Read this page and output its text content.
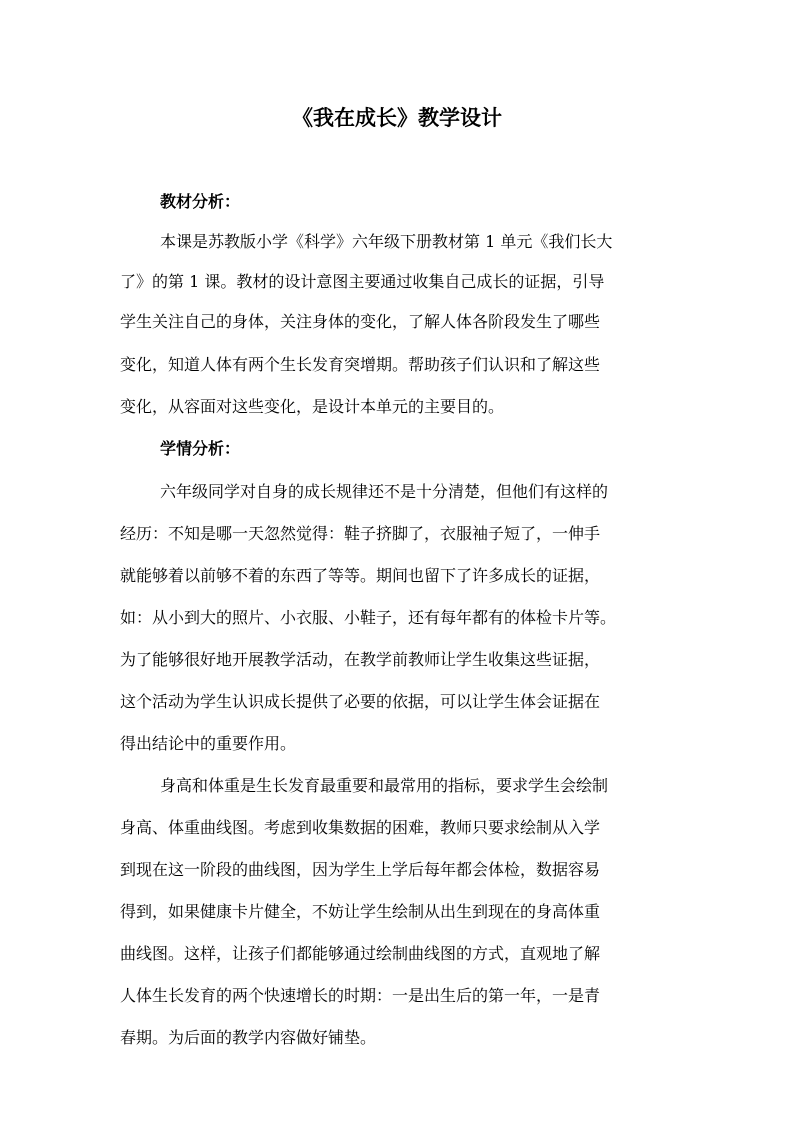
《我在成长》教学设计
教材分析：
本课是苏教版小学《科学》六年级下册教材第 1 单元《我们长大
了》的第 1 课。教材的设计意图主要通过收集自己成长的证据，引导
学生关注自己的身体，关注身体的变化，了解人体各阶段发生了哪些
变化，知道人体有两个生长发育突增期。帮助孩子们认识和了解这些
变化，从容面对这些变化，是设计本单元的主要目的。
学情分析：
六年级同学对自身的成长规律还不是十分清楚，但他们有这样的
经历：不知是哪一天忽然觉得：鞋子挤脚了，衣服袖子短了，一伸手
就能够着以前够不着的东西了等等。期间也留下了许多成长的证据，
如：从小到大的照片、小衣服、小鞋子，还有每年都有的体检卡片等。
为了能够很好地开展教学活动，在教学前教师让学生收集这些证据，
这个活动为学生认识成长提供了必要的依据，可以让学生体会证据在
得出结论中的重要作用。
身高和体重是生长发育最重要和最常用的指标，要求学生会绘制
身高、体重曲线图。考虑到收集数据的困难，教师只要求绘制从入学
到现在这一阶段的曲线图，因为学生上学后每年都会体检，数据容易
得到，如果健康卡片健全，不妨让学生绘制从出生到现在的身高体重
曲线图。这样，让孩子们都能够通过绘制曲线图的方式，直观地了解
人体生长发育的两个快速增长的时期：一是出生后的第一年，一是青
春期。为后面的教学内容做好铺垫。
